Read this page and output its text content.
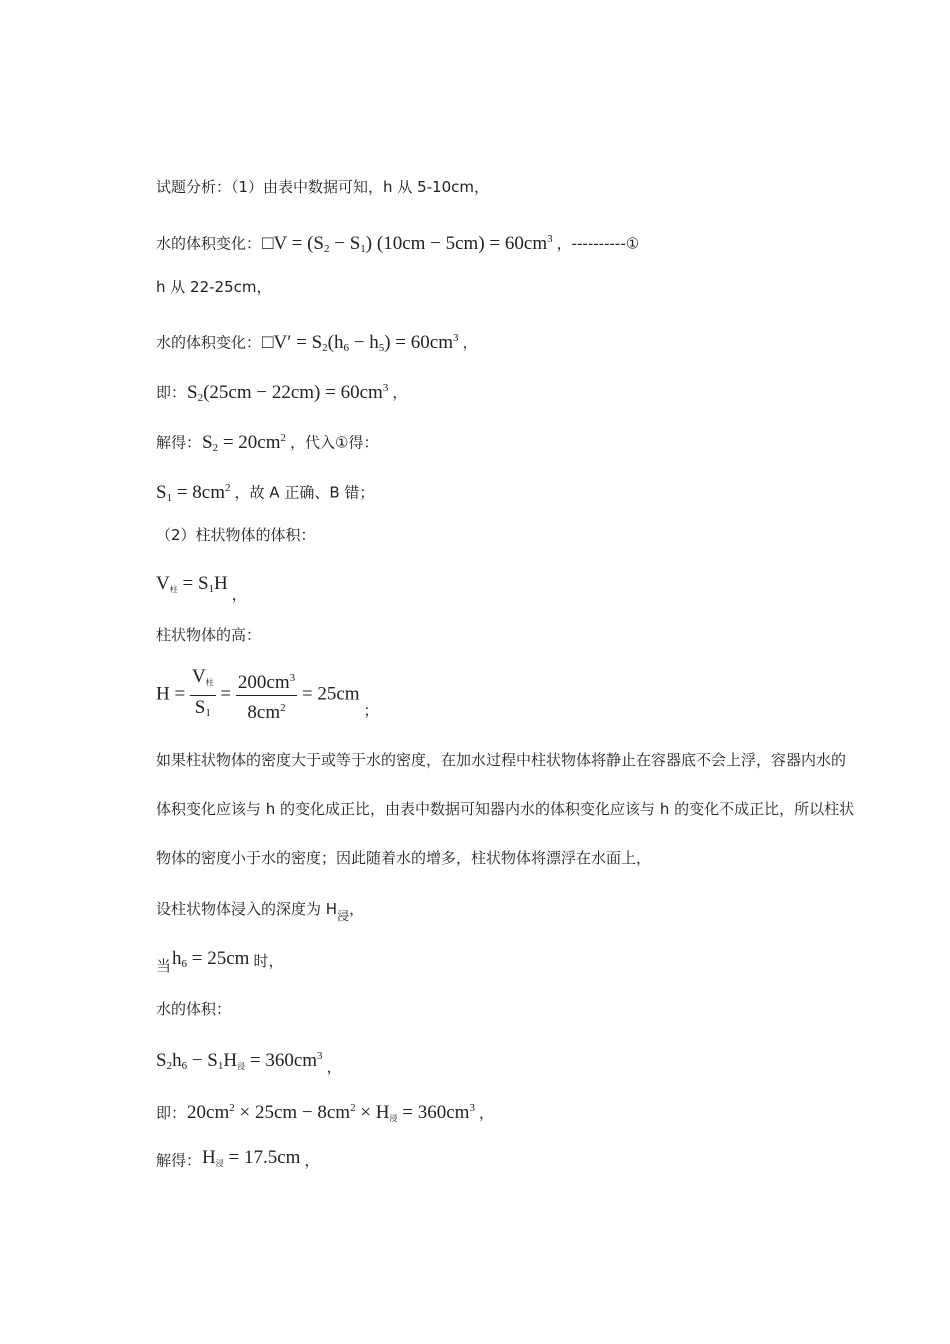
试题分析：（1）由表中数据可知，h 从 5-10cm，
水的体积变化：□V = $(S_2 - S_1) (10cm - 5cm) = 60cm^3$ ，----------①
h 从 22-25cm，
水的体积变化：□V′ = $S_2(h_6 - h_5) = 60cm^3$ ，
即：$S_2(25cm - 22cm) = 60cm^3$ ，
解得：$S_2 = 20cm^2$ ，代入①得：
$S_1 = 8cm^2$ ，故 A 正确、B 错；
（2）柱状物体的体积：
$V_柱 = S_1H$，
柱状物体的高：
$H = \frac{V_柱}{S_1} = \frac{200cm^3}{8cm^2} = 25cm$；
如果柱状物体的密度大于或等于水的密度，在加水过程中柱状物体将静止在容器底不会上浮，容器内水的
体积变化应该与 h 的变化成正比，由表中数据可知器内水的体积变化应该与 h 的变化不成正比，所以柱状
物体的密度小于水的密度；因此随着水的增多，柱状物体将漂浮在水面上，
设柱状物体浸入的深度为 $H_浸$，
当$h_6 = 25cm$ 时，
水的体积：
$S_2h_6 - S_1H_浸 = 360cm^3$，
即：$20cm^2 \times 25cm - 8cm^2 \times H_浸 = 360cm^3$ ，
解得：$H_浸 = 17.5cm$ ，
